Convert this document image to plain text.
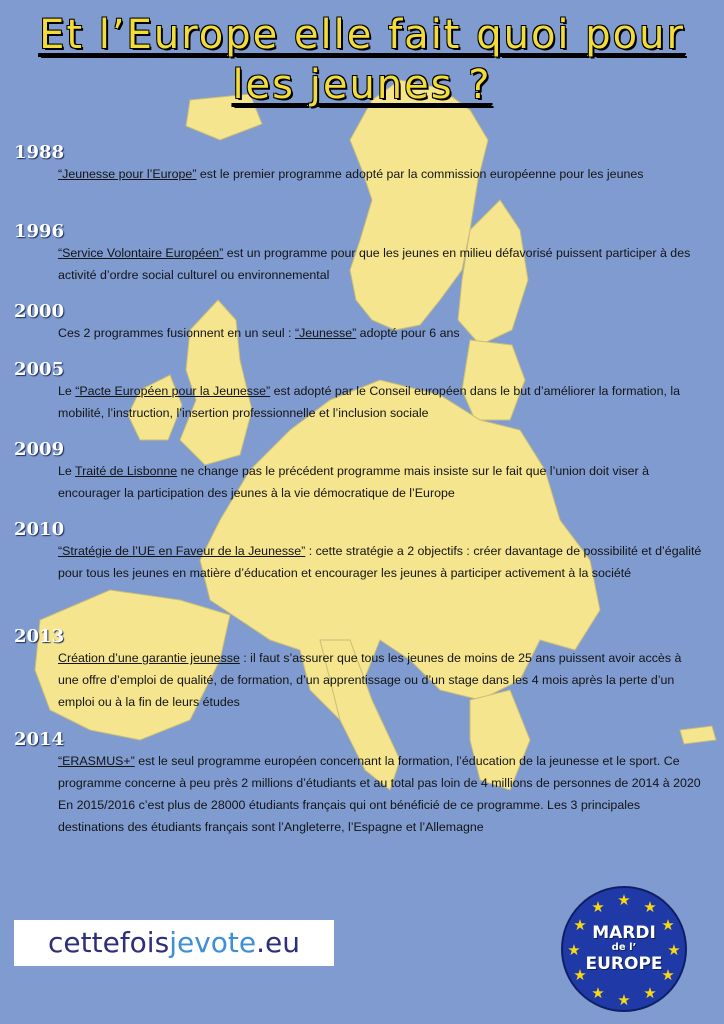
Et l’Europe elle fait quoi pour
les jeunes ?
1988
“Jeunesse pour l’Europe” est le premier programme adopté par la commission européenne pour les jeunes
1996
“Service Volontaire Européen” est un programme pour que les jeunes en milieu défavorisé puissent participer à des activité d’ordre social culturel ou environnemental
2000
Ces 2 programmes fusionnent en un seul : “Jeunesse” adopté pour 6 ans
2005
Le “Pacte Européen pour la Jeunesse” est adopté par le Conseil européen dans le but d’améliorer la formation, la mobilité, l’instruction, l’insertion professionnelle et l’inclusion sociale
2009
Le Traité de Lisbonne ne change pas le précédent programme mais insiste sur le fait que l’union doit viser à encourager la participation des jeunes à la vie démocratique de l’Europe
2010
“Stratégie de l’UE en Faveur de la Jeunesse” : cette stratégie a 2 objectifs : créer davantage de possibilité et d’égalité pour tous les jeunes en matière d’éducation et encourager les jeunes à participer activement à la société
2013
Création d’une garantie jeunesse : il faut s’assurer que tous les jeunes de moins de 25 ans puissent avoir accès à une offre d’emploi de qualité, de formation, d’un apprentissage ou d’un stage dans les 4 mois après la perte d’un emploi ou à la fin de leurs études
2014
“ERASMUS+” est le seul programme européen concernant la formation, l’éducation de la jeunesse et le sport. Ce programme concerne à peu près 2 millions d’étudiants et au total pas loin de 4 millions de personnes de 2014 à 2020
En 2015/2016 c’est plus de 28000 étudiants français qui ont bénéficié de ce programme. Les 3 principales destinations des étudiants français sont l’Angleterre, l’Espagne et l’Allemagne
cettefoisjevote.eu
★ ★
★
★
★
★
★
★
★
★
★
★
MARDI
de l’
EUROPE
